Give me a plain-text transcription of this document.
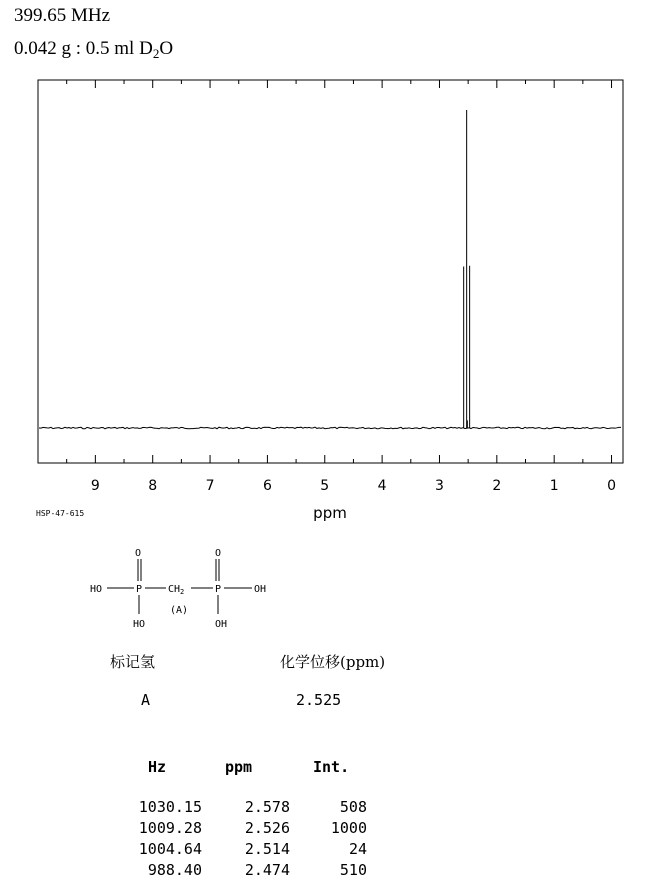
399.65 MHz
0.042 g : 0.5 ml $D_2O$
9	8	7	6	5	4	3	2	1	0
ppm
HSP-47-615
O
HO	P	$CH_2$	P
O
OH
HO	OH
(A)
标记氢	化学位移(ppm)
A	2.525
Hz	ppm	Int.
1030.15	2.578	508
1009.28	2.526	1000
1004.64	2.514	24
988.40	2.474	510
